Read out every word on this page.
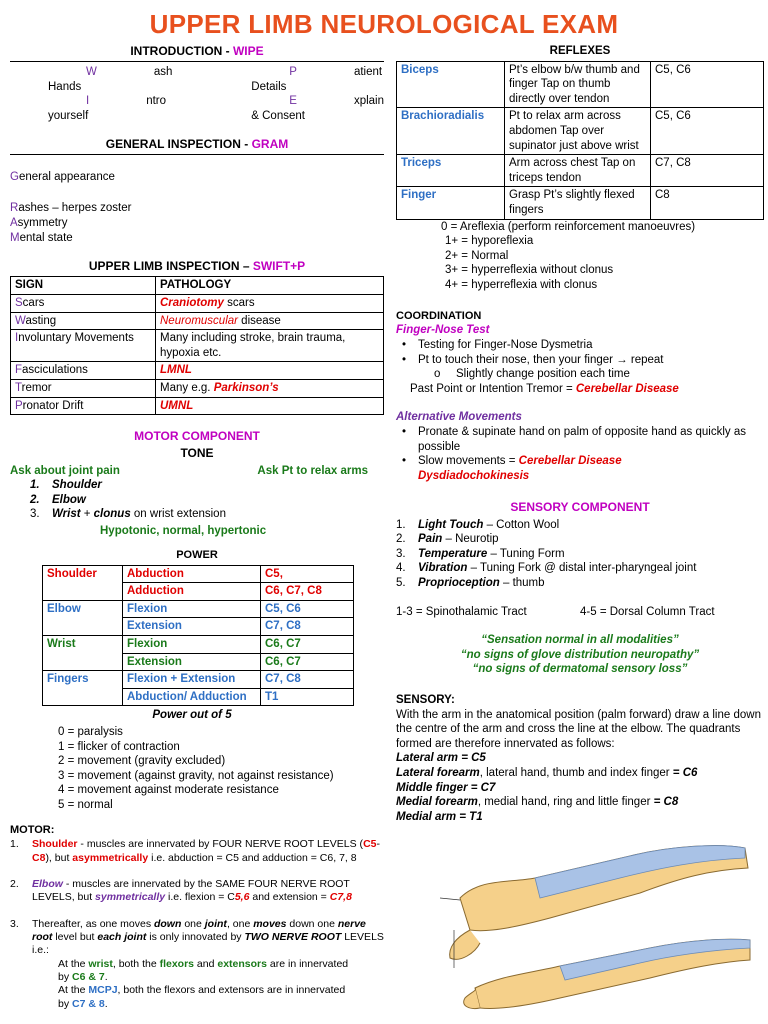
UPPER LIMB NEUROLOGICAL EXAM
INTRODUCTION - WIPE
W	ash Hands
P	atient Details
I	ntro yourself
E	xplain & Consent
GENERAL INSPECTION - GRAM
General appearance
Rashes – herpes zoster
Asymmetry
Mental state
UPPER LIMB INSPECTION – SWIFT+P
SIGN	PATHOLOGY
Scars	Craniotomy scars
Wasting	Neuromuscular disease
Involuntary Movements	Many including stroke, brain trauma, hypoxia etc.
Fasciculations	LMNL
Tremor	Many e.g. Parkinson’s
Pronator Drift	UMNL
MOTOR COMPONENT
TONE
Ask about joint pain	Ask Pt to relax arms
1.	Shoulder
2.	Elbow
3.	Wrist + clonus on wrist extension
Hypotonic, normal, hypertonic
POWER
Shoulder	Abduction	C5,
	Adduction	C6, C7, C8
Elbow	Flexion	C5, C6
	Extension	C7, C8
Wrist	Flexion	C6, C7
	Extension	C6, C7
Fingers	Flexion + Extension	C7, C8
	Abduction/ Adduction	T1
Power out of 5
0 = paralysis
1 = flicker of contraction
2 = movement (gravity excluded)
3 = movement (against gravity, not against resistance)
4 = movement against moderate resistance
5 = normal
MOTOR:
1.	Shoulder - muscles are innervated by FOUR NERVE ROOT LEVELS (C5-C8), but asymmetrically i.e. abduction = C5 and adduction = C6, 7, 8
2.	Elbow - muscles are innervated by the SAME FOUR NERVE ROOT LEVELS, but symmetrically i.e. flexion = C5,6 and extension = C7,8
3.	Thereafter, as one moves down one joint, one moves down one nerve root level but each joint is only innovated by TWO NERVE ROOT LEVELS i.e.:
At the wrist, both the flexors and extensors are in innervated by C6 & 7.
At the MCPJ, both the flexors and extensors are in innervated by C7 & 8.
REFLEXES
Biceps	Pt’s elbow b/w thumb and finger Tap on thumb directly over tendon	C5, C6
Brachioradialis	Pt to relax arm across abdomen Tap over supinator just above wrist	C5, C6
Triceps	Arm across chest Tap on triceps tendon	C7, C8
Finger	Grasp Pt’s slightly flexed fingers	C8
0 = Areflexia (perform reinforcement manoeuvres)
1+ = hyporeflexia
2+ = Normal
3+ = hyperreflexia without clonus
4+ = hyperreflexia with clonus
COORDINATION
Finger-Nose Test
• Testing for Finger-Nose Dysmetria
• Pt to touch their nose, then your finger → repeat
o Slightly change position each time
Past Point or Intention Tremor = Cerebellar Disease
Alternative Movements
• Pronate & supinate hand on palm of opposite hand as quickly as possible
• Slow movements = Cerebellar Disease
Dysdiadochokinesis
SENSORY COMPONENT
1.	Light Touch – Cotton Wool
2.	Pain – Neurotip
3.	Temperature – Tuning Form
4.	Vibration – Tuning Fork @ distal inter-pharyngeal joint
5.	Proprioception – thumb
1-3 = Spinothalamic Tract	4-5 = Dorsal Column Tract
“Sensation normal in all modalities”
“no signs of glove distribution neuropathy”
“no signs of dermatomal sensory loss”
SENSORY:
With the arm in the anatomical position (palm forward) draw a line down the centre of the arm and cross the line at the elbow. The quadrants formed are therefore innervated as follows:
Lateral arm = C5
Lateral forearm, lateral hand, thumb and index finger = C6
Middle finger = C7
Medial forearm, medial hand, ring and little finger = C8
Medial arm = T1
